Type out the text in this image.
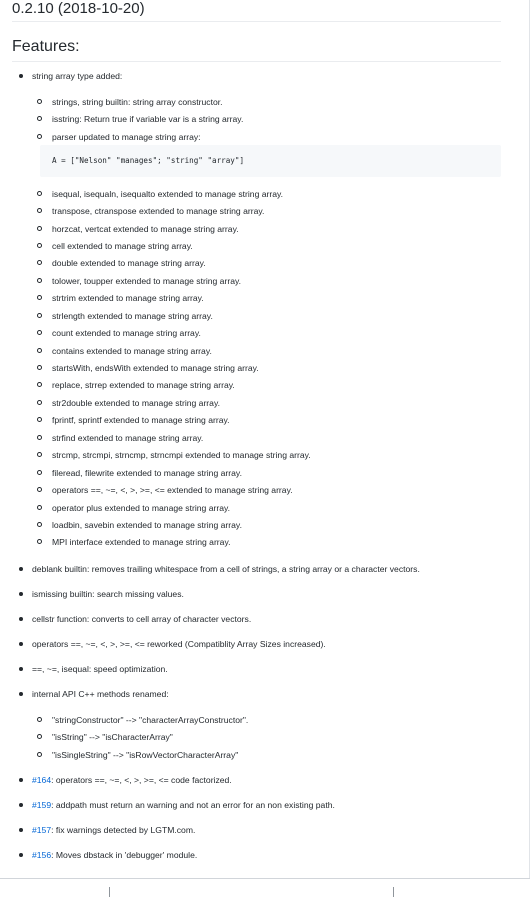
0.2.10 (2018-10-20)
Features:
string array type added:
strings, string builtin: string array constructor.
isstring: Return true if variable var is a string array.
parser updated to manage string array:
A = ["Nelson" "manages"; "string" "array"]
isequal, isequaln, isequalto extended to manage string array.
transpose, ctranspose extended to manage string array.
horzcat, vertcat extended to manage string array.
cell extended to manage string array.
double extended to manage string array.
tolower, toupper extended to manage string array.
strtrim extended to manage string array.
strlength extended to manage string array.
count extended to manage string array.
contains extended to manage string array.
startsWith, endsWith extended to manage string array.
replace, strrep extended to manage string array.
str2double extended to manage string array.
fprintf, sprintf extended to manage string array.
strfind extended to manage string array.
strcmp, strcmpi, strncmp, strncmpi extended to manage string array.
fileread, filewrite extended to manage string array.
operators ==, ~=, <, >, >=, <= extended to manage string array.
operator plus extended to manage string array.
loadbin, savebin extended to manage string array.
MPI interface extended to manage string array.
deblank builtin: removes trailing whitespace from a cell of strings, a string array or a character vectors.
ismissing builtin: search missing values.
cellstr function: converts to cell array of character vectors.
operators ==, ~=, <, >, >=, <= reworked (Compatiblity Array Sizes increased).
==, ~=, isequal: speed optimization.
internal API C++ methods renamed:
"stringConstructor" --> "characterArrayConstructor".
"isString" --> "isCharacterArray"
"isSingleString" --> "isRowVectorCharacterArray"
#164: operators ==, ~=, <, >, >=, <= code factorized.
#159: addpath must return an warning and not an error for an non existing path.
#157: fix warnings detected by LGTM.com.
#156: Moves dbstack in 'debugger' module.
